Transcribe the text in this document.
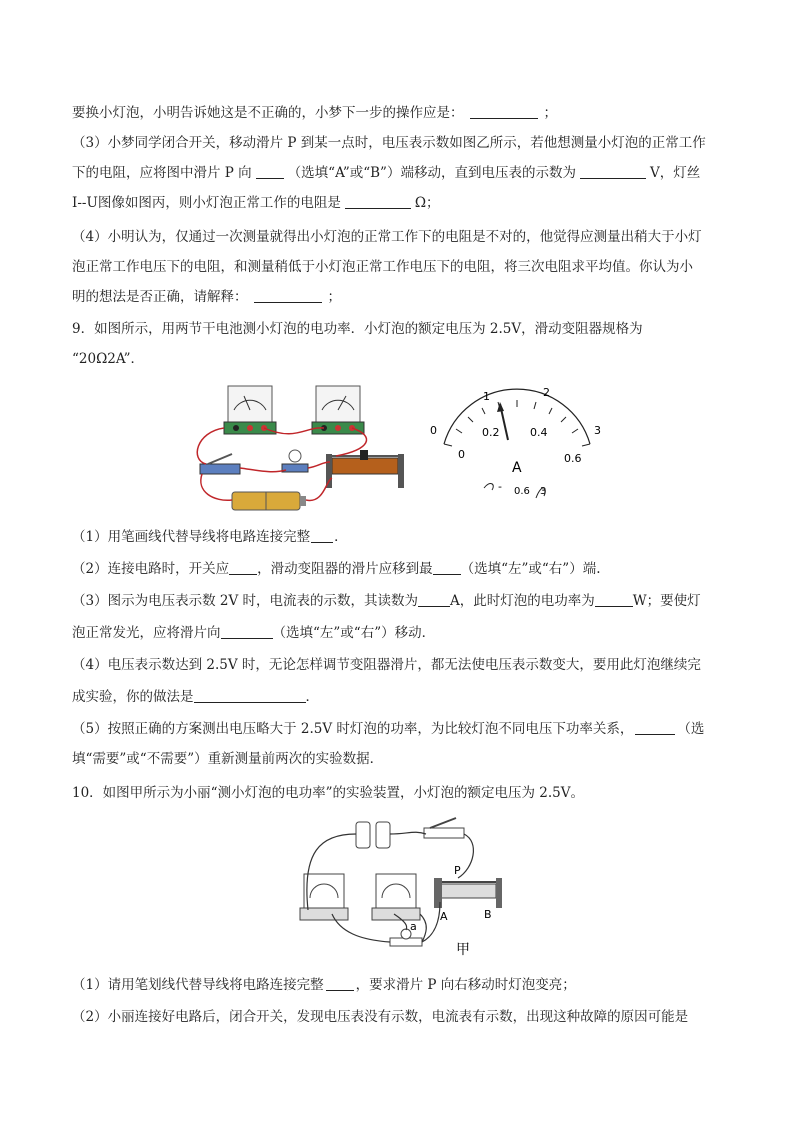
要换小灯泡，小明告诉她这是不正确的，小梦下一步的操作应是：	；
（3）小梦同学闭合开关，移动滑片 P 到某一点时，电压表示数如图乙所示，若他想测量小灯泡的正常工作
下的电阻，应将图中滑片 P 向	（选填“A”或“B”）端移动，直到电压表的示数为	V，灯丝
I--U图像如图丙，则小灯泡正常工作的电阻是	Ω；
（4）小明认为，仅通过一次测量就得出小灯泡的正常工作下的电阻是不对的，他觉得应测量出稍大于小灯
泡正常工作电压下的电阻，和测量稍低于小灯泡正常工作电压下的电阻，将三次电阻求平均值。你认为小
明的想法是否正确，请解释：	；
9．如图所示，用两节干电池测小灯泡的电功率．小灯泡的额定电压为 2.5V，滑动变阻器规格为
“20Ω2A”．
0
1	2
3
0
0.2	0.4
0.6
A
- 0.6 3
（1）用笔画线代替导线将电路连接完整 ．
（2）连接电路时，开关应 ，滑动变阻器的滑片应移到最 （选填“左”或“右”）端.
（3）图示为电压表示数 2V 时，电流表的示数，其读数为 A，此时灯泡的电功率为	W；要使灯
泡正常发光，应将滑片向	（选填“左”或“右”）移动．
（4）电压表示数达到 2.5V 时，无论怎样调节变阻器滑片，都无法使电压表示数变大，要用此灯泡继续完
成实验，你的做法是	．
（5）按照正确的方案测出电压略大于 2.5V 时灯泡的功率，为比较灯泡不同电压下功率关系，	（选
填“需要”或“不需要”）重新测量前两次的实验数据．
10．如图甲所示为小丽“测小灯泡的电功率”的实验装置，小灯泡的额定电压为 2.5V。
P
A	B
a
甲
（1）请用笔划线代替导线将电路连接完整 ，要求滑片 P 向右移动时灯泡变亮；
（2）小丽连接好电路后，闭合开关，发现电压表没有示数，电流表有示数，出现这种故障的原因可能是
